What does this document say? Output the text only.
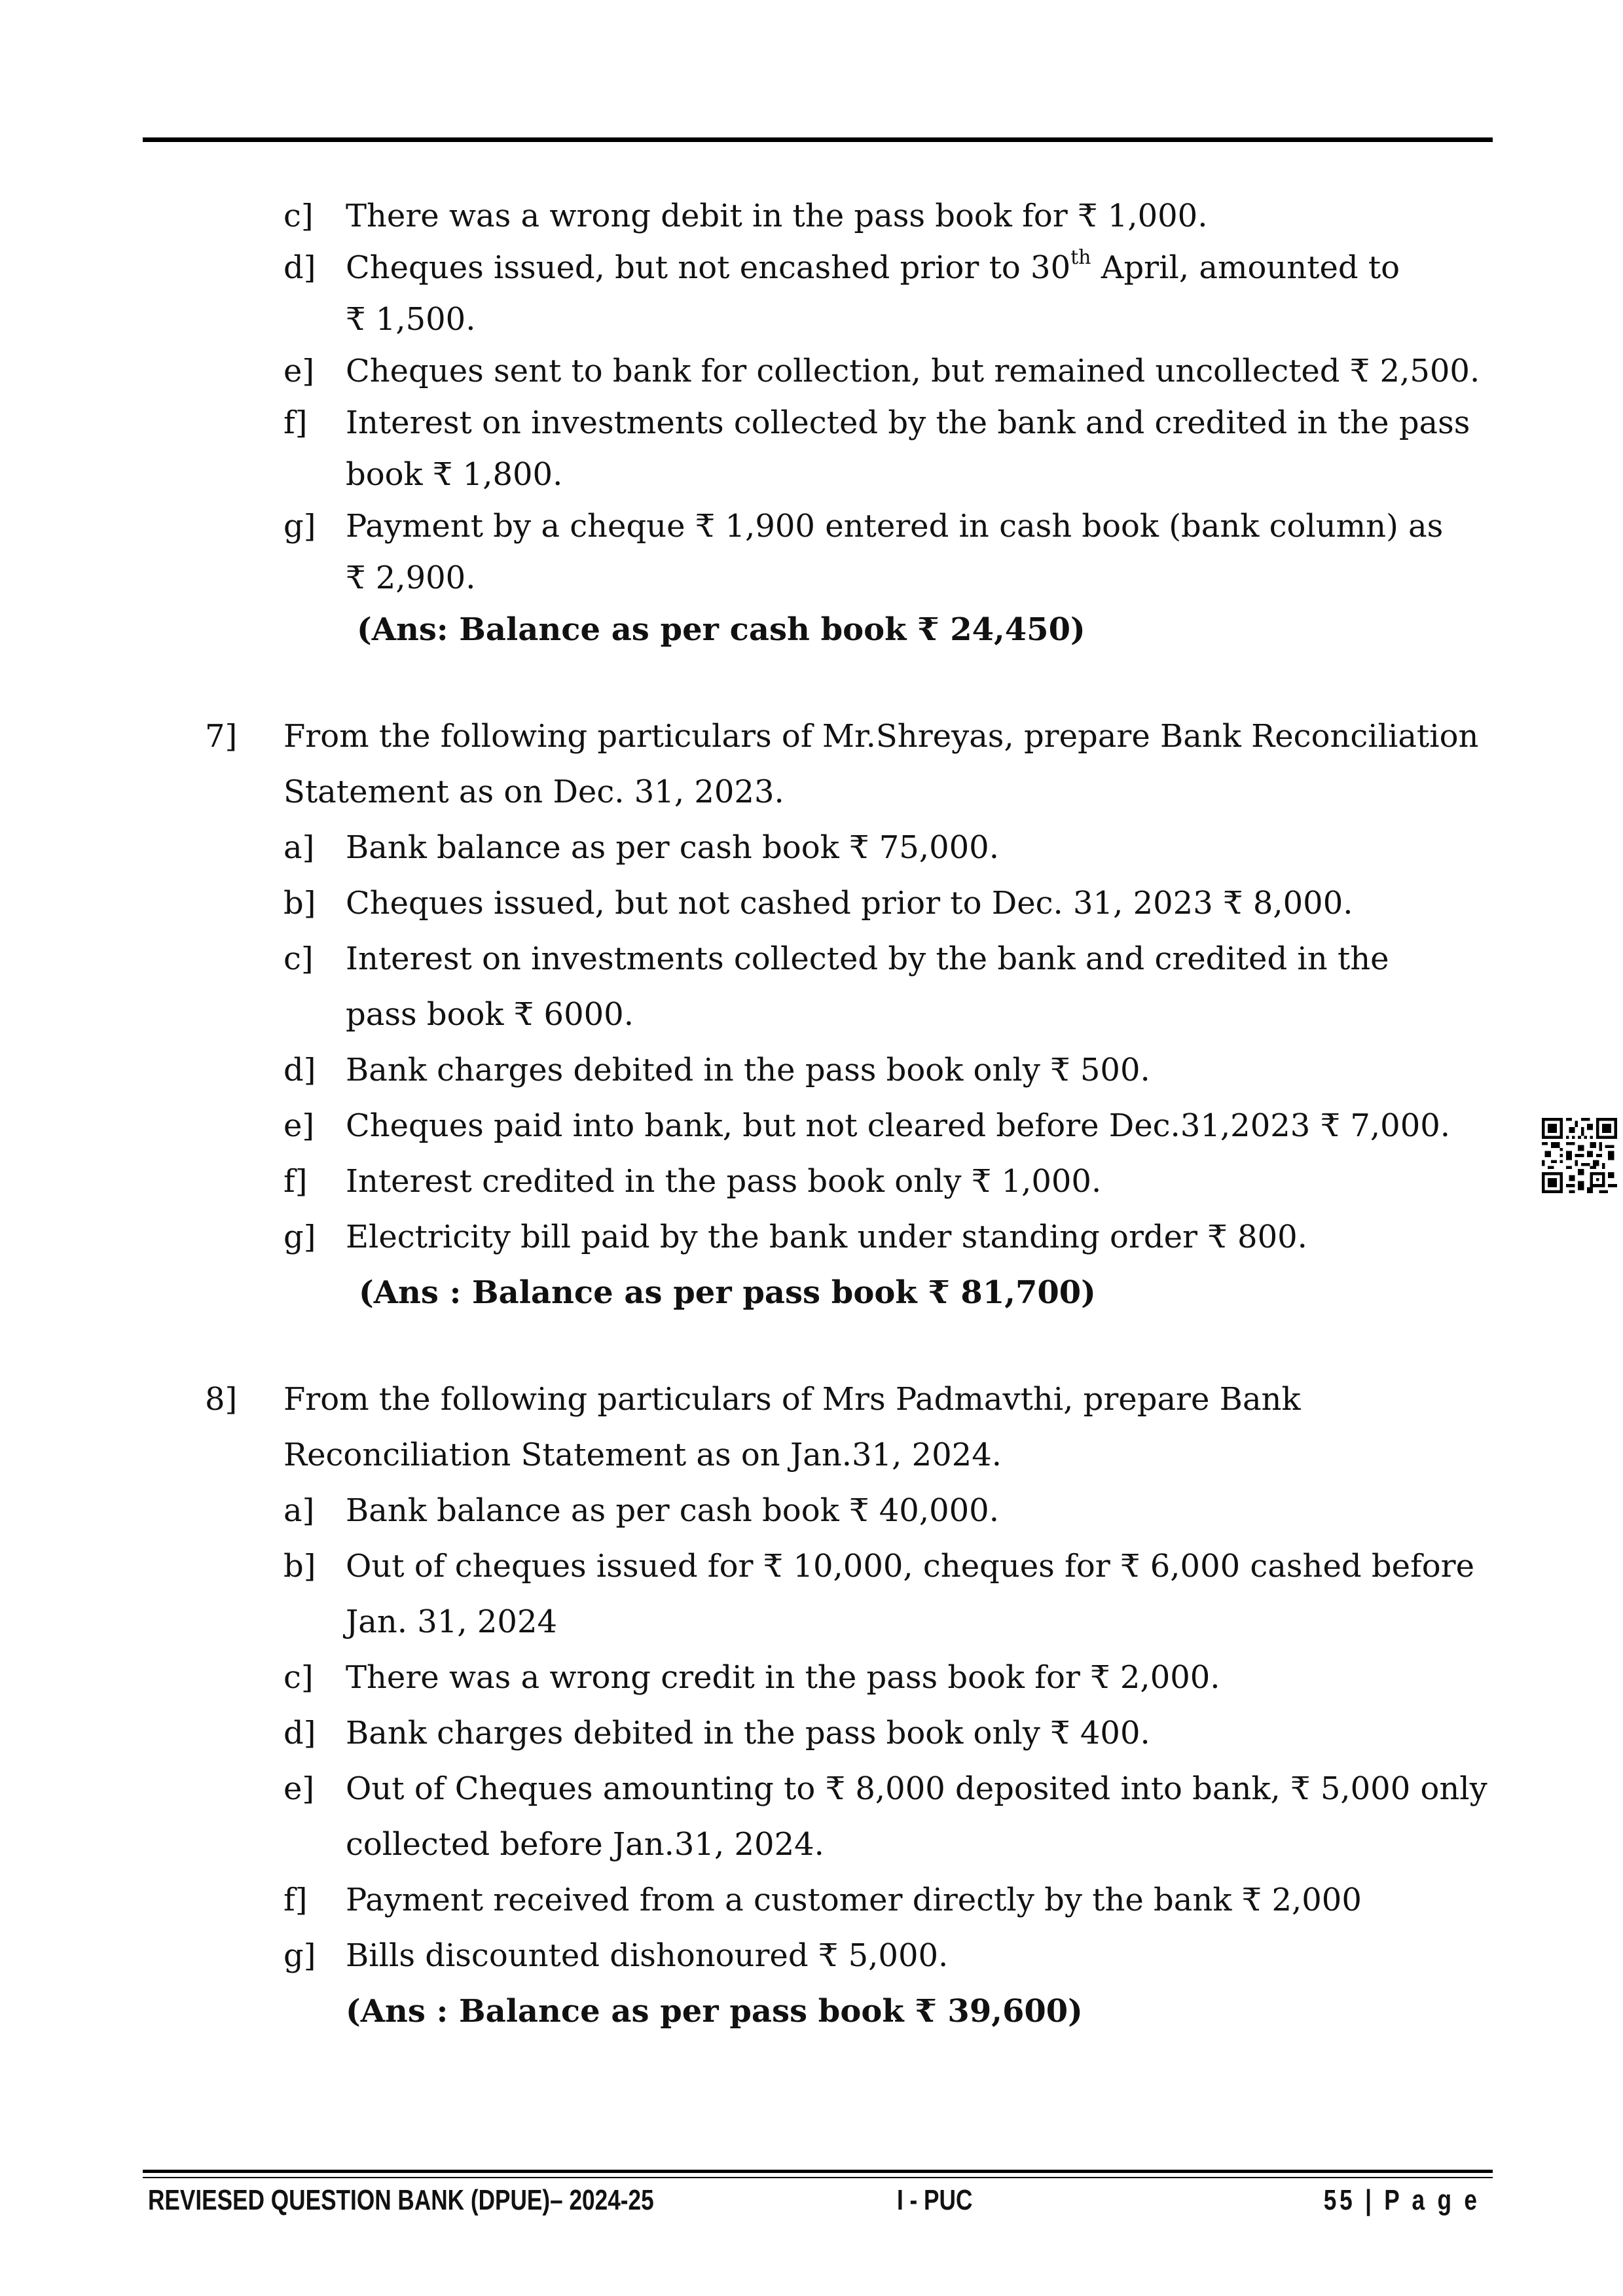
c] There was a wrong debit in the pass book for ₹ 1,000.
d] Cheques issued, but not encashed prior to 30th April, amounted to
₹ 1,500.
e] Cheques sent to bank for collection, but remained uncollected ₹ 2,500.
f] Interest on investments collected by the bank and credited in the pass
book ₹ 1,800.
g] Payment by a cheque ₹ 1,900 entered in cash book (bank column) as
₹ 2,900.
(Ans: Balance as per cash book ₹ 24,450)
7] From the following particulars of Mr.Shreyas, prepare Bank Reconciliation
Statement as on Dec. 31, 2023.
a] Bank balance as per cash book ₹ 75,000.
b] Cheques issued, but not cashed prior to Dec. 31, 2023 ₹ 8,000.
c] Interest on investments collected by the bank and credited in the
pass book ₹ 6000.
d] Bank charges debited in the pass book only ₹ 500.
e] Cheques paid into bank, but not cleared before Dec.31,2023 ₹ 7,000.
f] Interest credited in the pass book only ₹ 1,000.
g] Electricity bill paid by the bank under standing order ₹ 800.
(Ans : Balance as per pass book ₹ 81,700)
8] From the following particulars of Mrs Padmavthi, prepare Bank
Reconciliation Statement as on Jan.31, 2024.
a] Bank balance as per cash book ₹ 40,000.
b] Out of cheques issued for ₹ 10,000, cheques for ₹ 6,000 cashed before
Jan. 31, 2024
c] There was a wrong credit in the pass book for ₹ 2,000.
d] Bank charges debited in the pass book only ₹ 400.
e] Out of Cheques amounting to ₹ 8,000 deposited into bank, ₹ 5,000 only
collected before Jan.31, 2024.
f] Payment received from a customer directly by the bank ₹ 2,000
g] Bills discounted dishonoured ₹ 5,000.
(Ans : Balance as per pass book ₹ 39,600)
REVIESED QUESTION BANK (DPUE)– 2024-25	I - PUC	55 | P a g e
